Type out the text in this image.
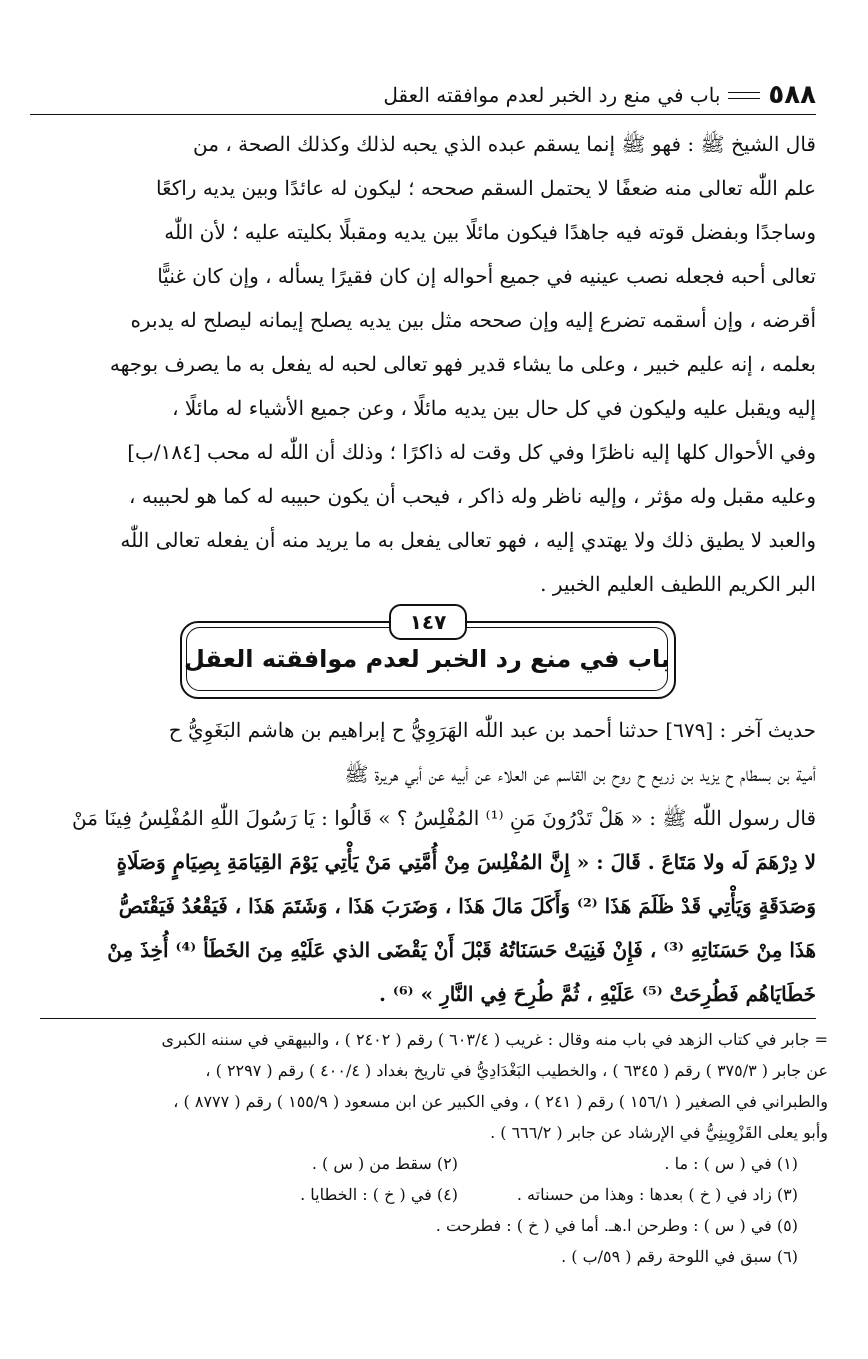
٥٨٨
باب في منع رد الخبر لعدم موافقته العقل
قال الشيخ ﷺ : فهو ﷺ إنما يسقم عبده الذي يحبه لذلك وكذلك الصحة ، من
علم اللّٰه تعالى منه ضعفًا لا يحتمل السقم صححه ؛ ليكون له عائدًا وبين يديه راكعًا
وساجدًا وبفضل قوته فيه جاهدًا فيكون مائلًا بين يديه ومقبلًا بكليته عليه ؛ لأن اللّٰه
تعالى أحبه فجعله نصب عينيه في جميع أحواله إن كان فقيرًا يسأله ، وإن كان غنيًّا
أقرضه ، وإن أسقمه تضرع إليه وإن صححه مثل بين يديه يصلح إيمانه ليصلح له يدبره
بعلمه ، إنه عليم خبير ، وعلى ما يشاء قدير فهو تعالى لحبه له يفعل به ما يصرف بوجهه
إليه ويقبل عليه وليكون في كل حال بين يديه مائلًا ، وعن جميع الأشياء له مائلًا ،
وفي الأحوال كلها إليه ناظرًا وفي كل وقت له ذاكرًا ؛ وذلك أن اللّٰه له محب [١٨٤/ب]
وعليه مقبل وله مؤثر ، وإليه ناظر وله ذاكر ، فيحب أن يكون حبيبه له كما هو لحبيبه ،
والعبد لا يطيق ذلك ولا يهتدي إليه ، فهو تعالى يفعل به ما يريد منه أن يفعله تعالى اللّٰه
البر الكريم اللطيف العليم الخبير .
باب في منع رد الخبر لعدم موافقته العقل
١٤٧
حديث آخر : [٦٧٩] حدثنا أحمد بن عبد اللّٰه الهَرَوِيُّ ح إبراهيم بن هاشم البَغَوِيُّ ح
أمية بن بسطام ح يزيد بن زريع ح روح بن القاسم عن العلاء عن أبيه عن أبي هريرة ﷺ
قال رسول اللّٰه ﷺ : « هَلْ تَدْرُونَ مَنِ ⁽¹⁾ المُفْلِسُ ؟ » قَالُوا : يَا رَسُولَ اللّٰهِ المُفْلِسُ فِينَا مَنْ
لا دِرْهَمَ لَه ولا مَتَاعَ . قَالَ : « إِنَّ المُفْلِسَ مِنْ أُمَّتِي مَنْ يَأْتِي يَوْمَ القِيَامَةِ بِصِيَامٍ وَصَلَاةٍ
وَصَدَقَةٍ وَيَأْتِي قَدْ ظَلَمَ هَذَا ⁽²⁾ وَأَكَلَ مَالَ هَذَا ، وَضَرَبَ هَذَا ، وَشَتَمَ هَذَا ، فَيَقْعُدُ فَيَقْتَصُّ
هَذَا مِنْ حَسَنَاتِهِ ⁽³⁾ ، فَإِنْ فَنِيَتْ حَسَنَاتُهُ قَبْلَ أَنْ يَقْضَى الذي عَلَيْهِ مِنَ الخَطَأ ⁽⁴⁾ أُخِذَ مِنْ
خَطَايَاهُم فَطُرِحَتْ ⁽⁵⁾ عَلَيْهِ ، ثُمَّ طُرِحَ فِي النَّارِ » ⁽⁶⁾ .
= جابر في كتاب الزهد في باب منه وقال : غريب ( ٦٠٣/٤ ) رقم ( ٢٤٠٢ ) ، والبيهقي في سننه الكبرى
عن جابر ( ٣٧٥/٣ ) رقم ( ٦٣٤٥ ) ، والخطيب البَغْدَادِيُّ في تاريخ بغداد ( ٤٠٠/٤ ) رقم ( ٢٢٩٧ ) ،
والطبراني في الصغير ( ١٥٦/١ ) رقم ( ٢٤١ ) ، وفي الكبير عن ابن مسعود ( ١٥٥/٩ ) رقم ( ٨٧٧٧ ) ،
وأبو يعلى القَزْوِينِيُّ في الإرشاد عن جابر ( ٦٦٦/٢ ) .
(١) في ( س ) : ما .
(٢) سقط من ( س ) .
(٣) زاد في ( خ ) بعدها : وهذا من حسناته .
(٤) في ( خ ) : الخطايا .
(٥) في ( س ) : وطرحن ا.هـ. أما في ( خ ) : فطرحت .
(٦) سبق في اللوحة رقم ( ٥٩/ب ) .
